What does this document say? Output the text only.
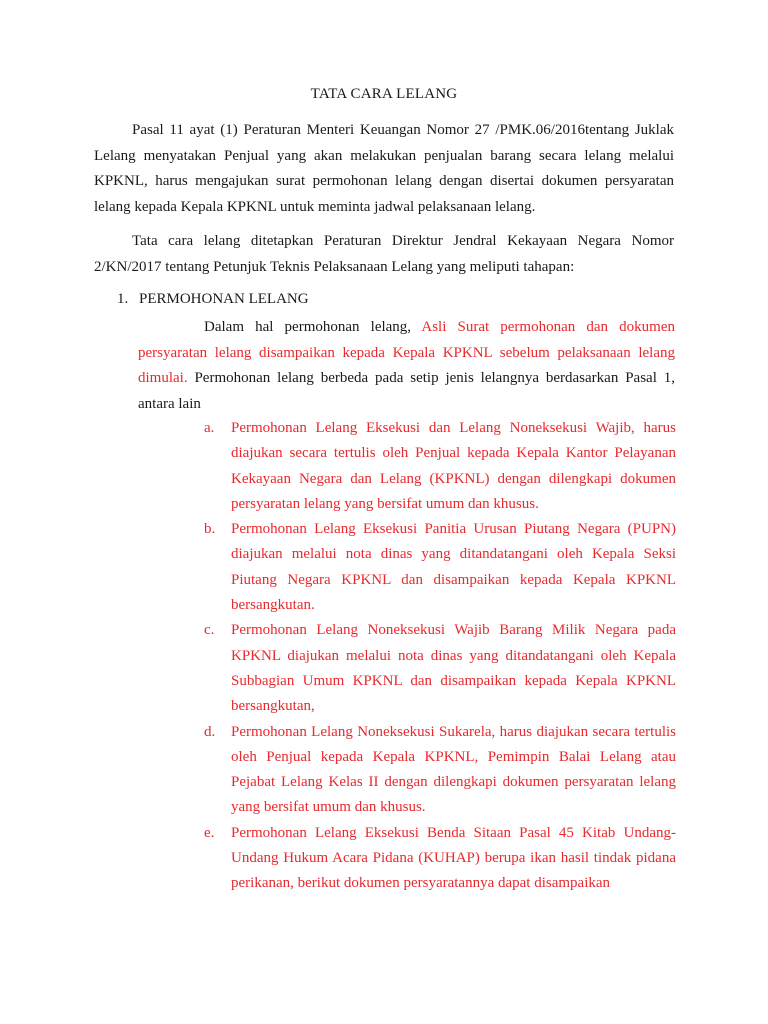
TATA CARA LELANG

Pasal 11 ayat (1) Peraturan Menteri Keuangan Nomor 27 /PMK.06/2016tentang Juklak Lelang menyatakan Penjual yang akan melakukan penjualan barang secara lelang melalui KPKNL, harus mengajukan surat permohonan lelang dengan disertai dokumen persyaratan lelang kepada Kepala KPKNL untuk meminta jadwal pelaksanaan lelang.

Tata cara lelang ditetapkan Peraturan Direktur Jendral Kekayaan Negara Nomor 2/KN/2017 tentang Petunjuk Teknis Pelaksanaan Lelang yang meliputi tahapan:

1. PERMOHONAN LELANG

Dalam hal permohonan lelang, Asli Surat permohonan dan dokumen persyaratan lelang disampaikan kepada Kepala KPKNL sebelum pelaksanaan lelang dimulai. Permohonan lelang berbeda pada setip jenis lelangnya berdasarkan Pasal 1, antara lain

a. Permohonan Lelang Eksekusi dan Lelang Noneksekusi Wajib, harus diajukan secara tertulis oleh Penjual kepada Kepala Kantor Pelayanan Kekayaan Negara dan Lelang (KPKNL) dengan dilengkapi dokumen persyaratan lelang yang bersifat umum dan khusus.
b. Permohonan Lelang Eksekusi Panitia Urusan Piutang Negara (PUPN) diajukan melalui nota dinas yang ditandatangani oleh Kepala Seksi Piutang Negara KPKNL dan disampaikan kepada Kepala KPKNL bersangkutan.
c. Permohonan Lelang Noneksekusi Wajib Barang Milik Negara pada KPKNL diajukan melalui nota dinas yang ditandatangani oleh Kepala Subbagian Umum KPKNL dan disampaikan kepada Kepala KPKNL bersangkutan,
d. Permohonan Lelang Noneksekusi Sukarela, harus diajukan secara tertulis oleh Penjual kepada Kepala KPKNL, Pemimpin Balai Lelang atau Pejabat Lelang Kelas II dengan dilengkapi dokumen persyaratan lelang yang bersifat umum dan khusus.
e. Permohonan Lelang Eksekusi Benda Sitaan Pasal 45 Kitab Undang-Undang Hukum Acara Pidana (KUHAP) berupa ikan hasil tindak pidana perikanan, berikut dokumen persyaratannya dapat disampaikan
